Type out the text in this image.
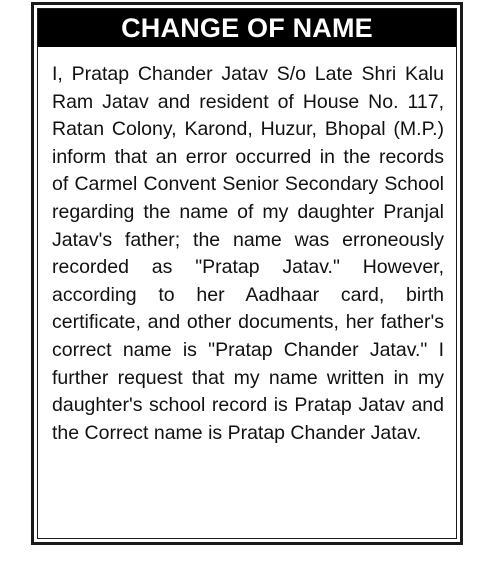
CHANGE OF NAME

I, Pratap Chander Jatav S/o Late Shri Kalu Ram Jatav and resident of House No. 117, Ratan Colony, Karond, Huzur, Bhopal (M.P.) inform that an error occurred in the records of Carmel Convent Senior Secondary School regarding the name of my daughter Pranjal Jatav's father; the name was erroneously recorded as "Pratap Jatav." However, according to her Aadhaar card, birth certificate, and other documents, her father's correct name is "Pratap Chander Jatav." I further request that my name written in my daughter's school record is Pratap Jatav and the Correct name is Pratap Chander Jatav.
